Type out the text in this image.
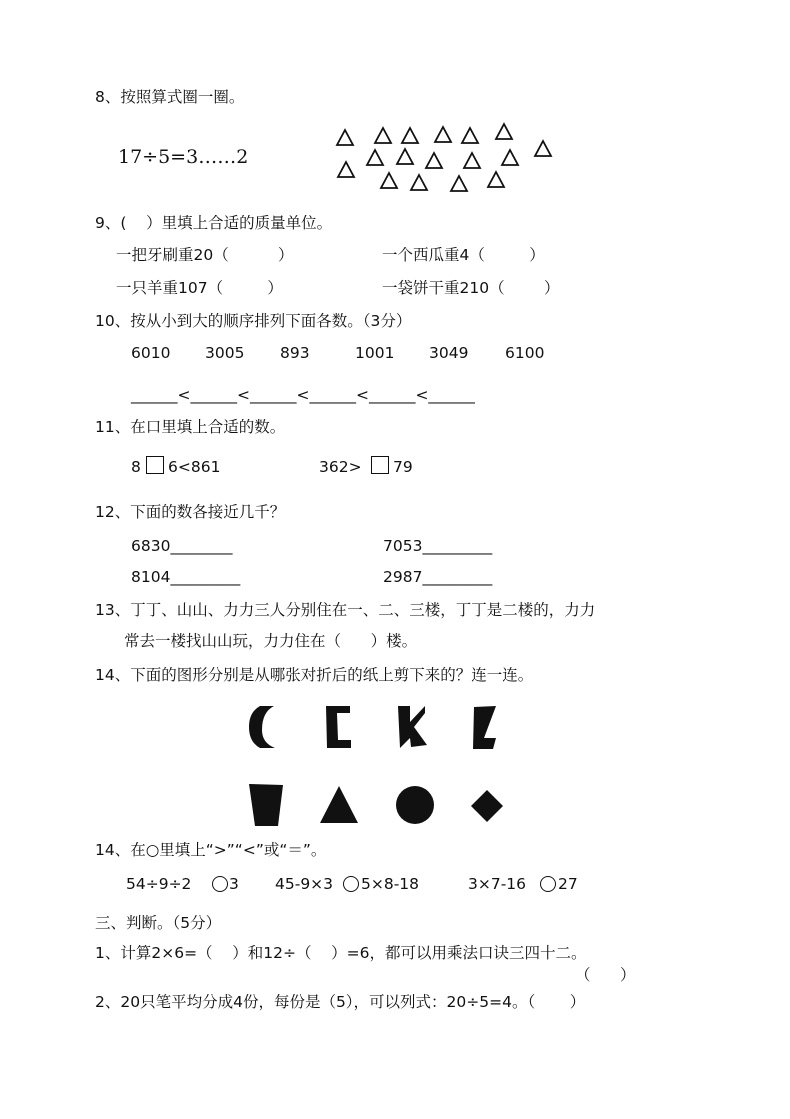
8、按照算式圈一圈。
17÷5=3……2
9、(    ）里填上合适的质量单位。
一把牙刷重20（          ）	一个西瓜重4（         ）
一只羊重107（         ）	一袋饼干重210（        ）
10、按从小到大的顺序排列下面各数。（3分）
6010 3005 893	1001 3049 6100
______<______<______<______<______<______
11、在口里填上合适的数。
8 6<861	362> 79
12、下面的数各接近几千？
6830________	7053_________
8104_________	2987_________
13、丁丁、山山、力力三人分别住在一、二、三楼，丁丁是二楼的，力力
常去一楼找山山玩，力力住在（      ）楼。
14、下面的图形分别是从哪张对折后的纸上剪下来的？连一连。
14、在○里填上“>”“<”或“＝”。
54÷9÷2 3 45-9×3 5×8-18	3×7-16 27
三、判断。（5分）
1、计算2×6=（    ）和12÷（    ）=6，都可以用乘法口诀三四十二。
（      ）
2、20只笔平均分成4份，每份是（5），可以列式：20÷5=4。（       ）
